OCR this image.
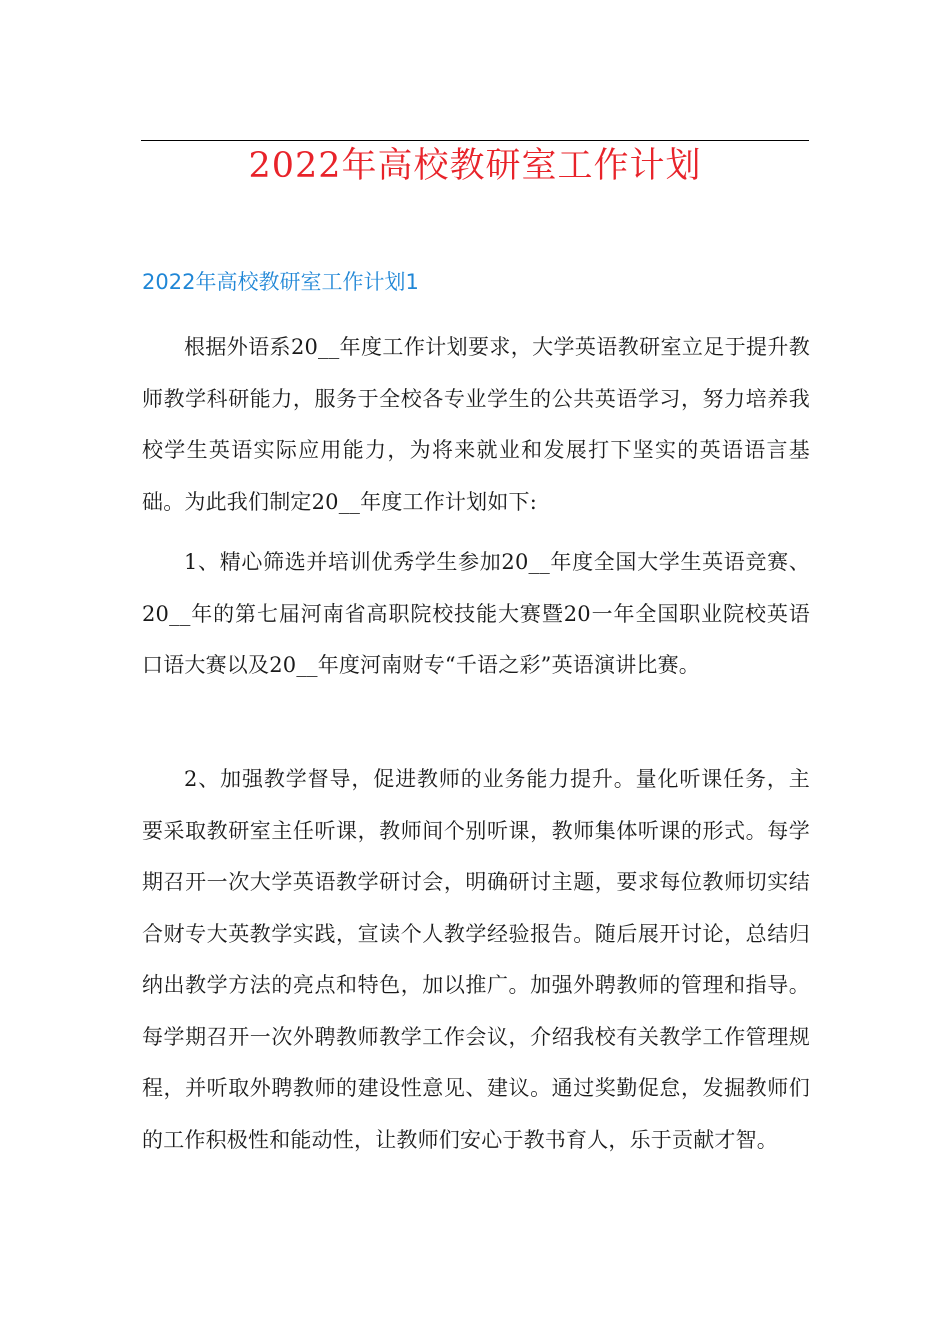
2022年高校教研室工作计划
2022年高校教研室工作计划1

根据外语系20__年度工作计划要求，大学英语教研室立足于提升教师教学科研能力，服务于全校各专业学生的公共英语学习，努力培养我校学生英语实际应用能力，为将来就业和发展打下坚实的英语语言基础。为此我们制定20__年度工作计划如下:

1、精心筛选并培训优秀学生参加20__年度全国大学生英语竞赛、20__年的第七届河南省高职院校技能大赛暨20一年全国职业院校英语口语大赛以及20__年度河南财专“千语之彩”英语演讲比赛。

2、加强教学督导，促进教师的业务能力提升。量化听课任务，主要采取教研室主任听课，教师间个别听课，教师集体听课的形式。每学期召开一次大学英语教学研讨会，明确研讨主题，要求每位教师切实结合财专大英教学实践，宣读个人教学经验报告。随后展开讨论，总结归纳出教学方法的亮点和特色，加以推广。加强外聘教师的管理和指导。每学期召开一次外聘教师教学工作会议，介绍我校有关教学工作管理规程，并听取外聘教师的建设性意见、建议。通过奖勤促怠，发掘教师们的工作积极性和能动性，让教师们安心于教书育人，乐于贡献才智。
